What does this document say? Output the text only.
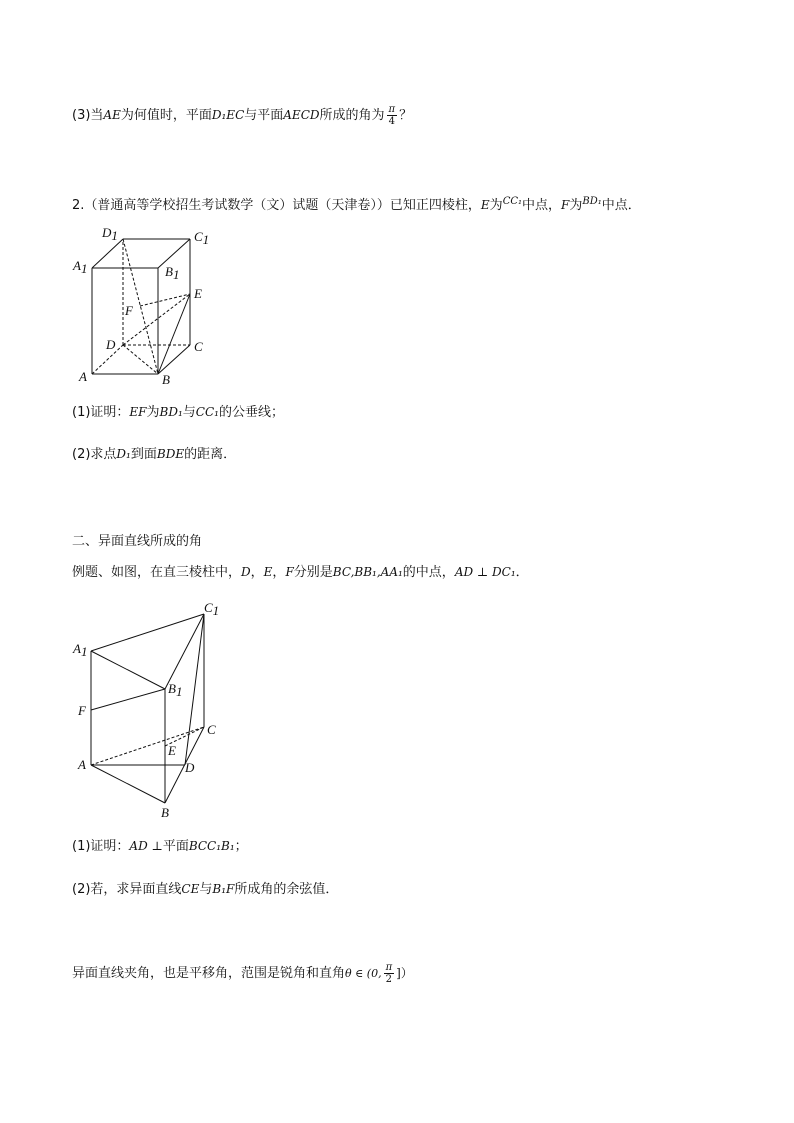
(3)当AE为何值时，平面D₁EC与平面AECD所成的角为 $\frac{\pi}{4}$ ？
2.（普通高等学校招生考试数学（文）试题（天津卷））已知正四棱柱，E为$^{CC_1}$中点，F为$^{BD_1}$中点．
D1	C1
A1	B1
E
F
D	C
A	B
(1)证明：EF为BD₁与CC₁的公垂线；
(2)求点D₁到面BDE的距离．
二、异面直线所成的角
例题、如图，在直三棱柱中，D，E，F分别是BC,BB₁,AA₁的中点，AD ⊥ DC₁．
C1
A1
B1
F
C
E
A	D
B
(1)证明：AD ⊥平面BCC₁B₁；
(2)若，求异面直线CE与B₁F所成角的余弦值．
异面直线夹角，也是平移角，范围是锐角和直角θ ∈ (0, $\frac{\pi}{2}$ ]）
